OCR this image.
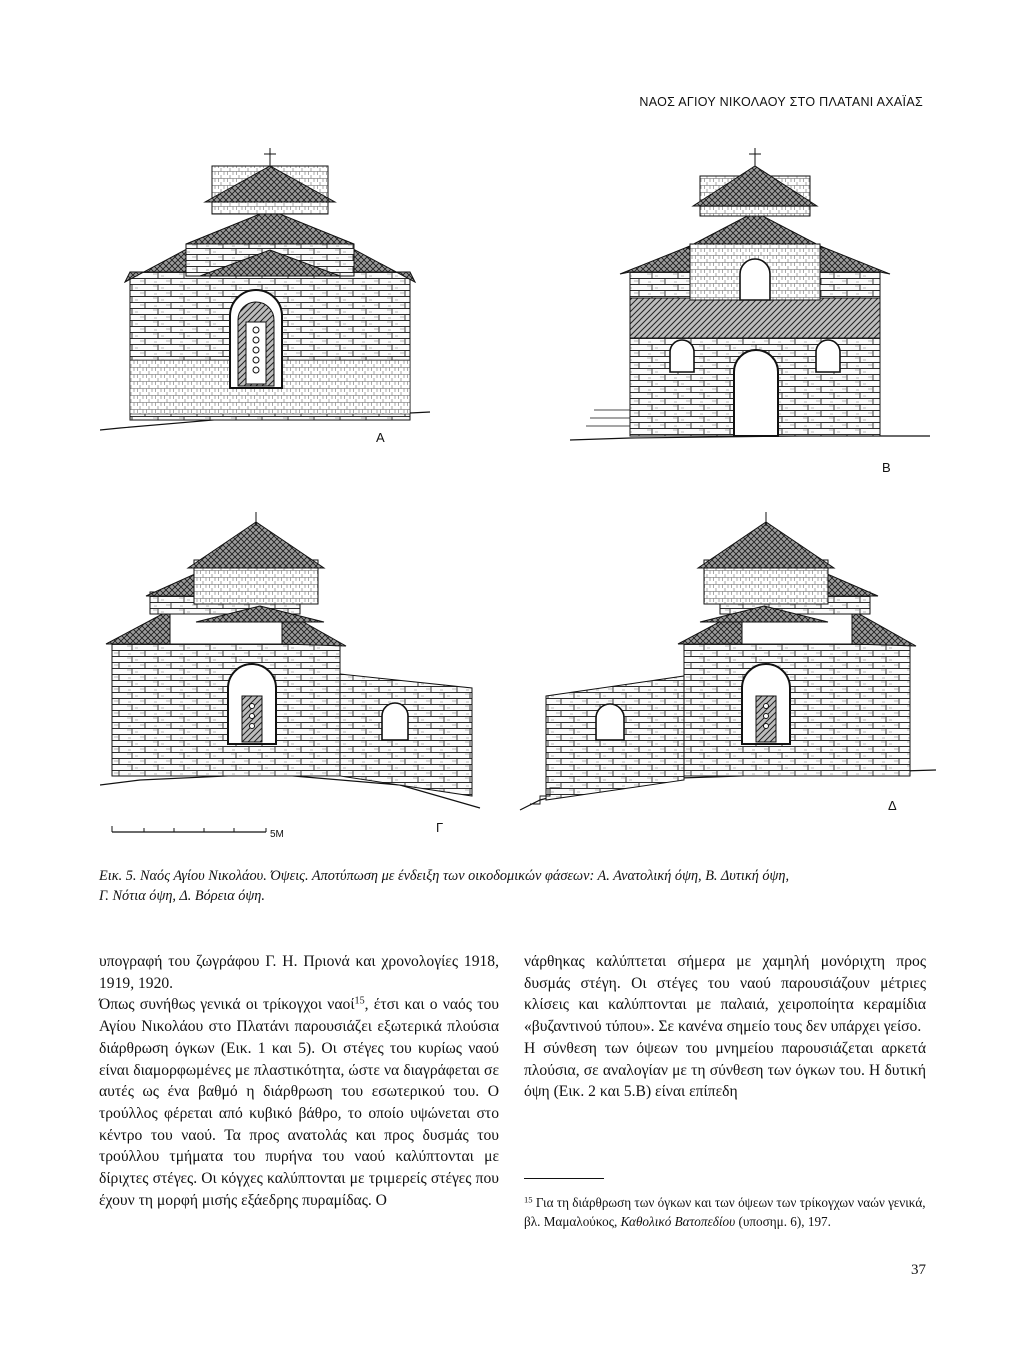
ΝΑΟΣ ΑΓΙΟΥ ΝΙΚΟΛΑΟΥ ΣΤΟ ΠΛΑΤΑΝΙ ΑΧΑΪΑΣ
Α
Β
5M	Γ
Δ
Εικ. 5. Ναός Αγίου Νικολάου. Όψεις. Αποτύπωση με ένδειξη των οικοδομικών φάσεων: Α. Ανατολική όψη, Β. Δυτική όψη,
Γ. Νότια όψη, Δ. Βόρεια όψη.

υπογραφή του ζωγράφου Γ. Η. Πριονά και χρονολογίες 1918, 1919, 1920.

Όπως συνήθως γενικά οι τρίκογχοι ναοί$^{15}$, έτσι και ο ναός του Αγίου Νικολάου στο Πλατάνι παρουσιάζει εξωτερικά πλούσια διάρθρωση όγκων (Εικ. 1 και 5). Οι στέγες του κυρίως ναού είναι διαμορφωμένες με πλαστικότητα, ώστε να διαγράφεται σε αυτές ως ένα βαθμό η διάρθρωση του εσωτερικού του. Ο τρούλλος φέρεται από κυβικό βάθρο, το οποίο υψώνεται στο κέντρο του ναού. Τα προς ανατολάς και προς δυσμάς του τρούλλου τμήματα του πυρήνα του ναού καλύπτονται με δίριχτες στέγες. Οι κόγχες καλύπτονται με τριμερείς στέγες που έχουν τη μορφή μισής εξάεδρης πυραμίδας. Ο

νάρθηκας καλύπτεται σήμερα με χαμηλή μονόριχτη προς δυσμάς στέγη. Οι στέγες του ναού παρουσιάζουν μέτριες κλίσεις και καλύπτονται με παλαιά, χειροποίητα κεραμίδια «βυζαντινού τύπου». Σε κανένα σημείο τους δεν υπάρχει γείσο.

Η σύνθεση των όψεων του μνημείου παρουσιάζεται αρκετά πλούσια, σε αναλογίαν με τη σύνθεση των όγκων του. Η δυτική όψη (Εικ. 2 και 5.Β) είναι επίπεδη

$^{15}$ Για τη διάρθρωση των όγκων και των όψεων των τρίκογχων ναών γενικά, βλ. Μαμαλούκος, Καθολικό Βατοπεδίου (υποσημ. 6), 197.
37
